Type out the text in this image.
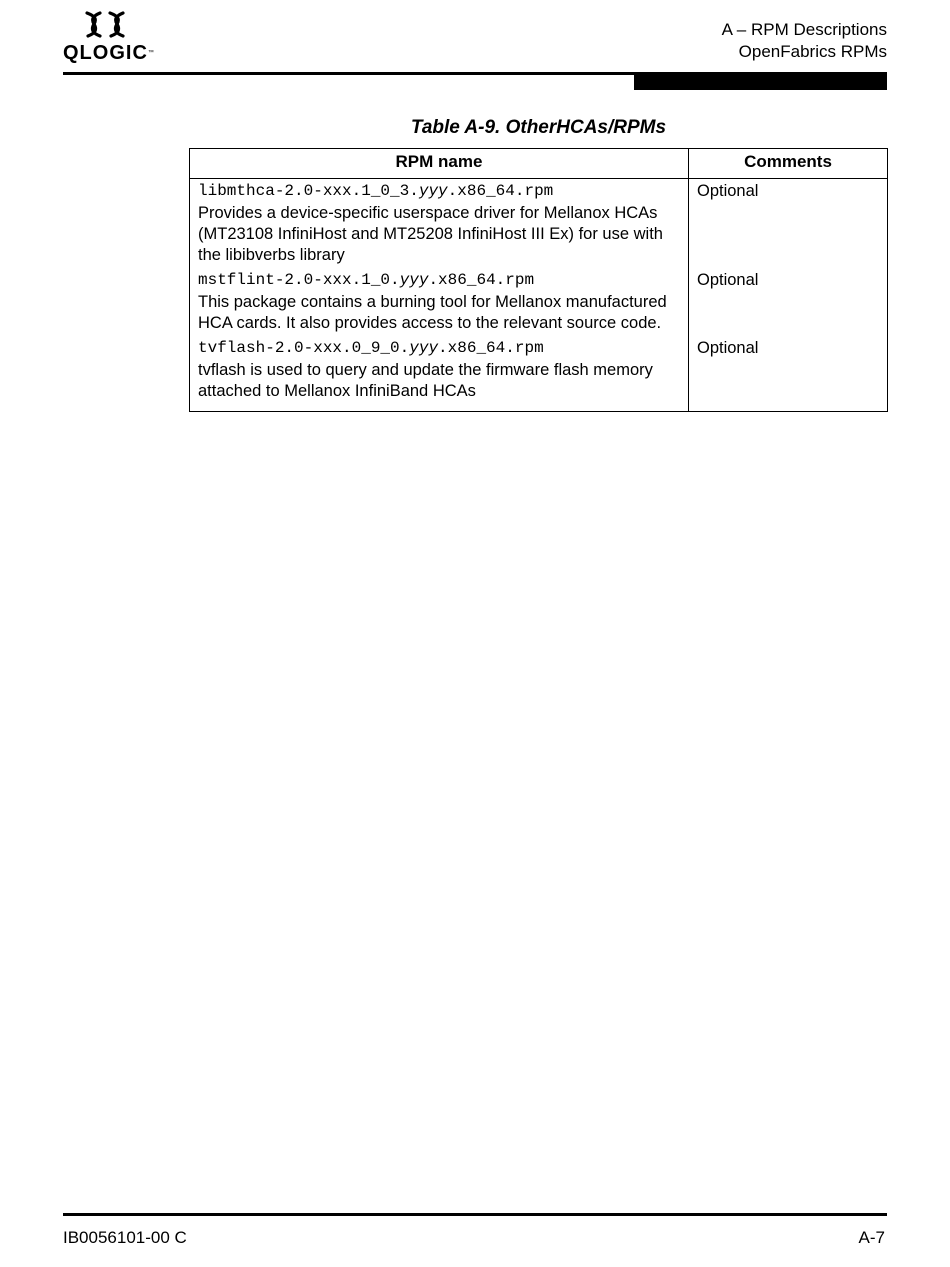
QLOGIC™
A – RPM Descriptions
OpenFabrics RPMs
Table A-9. OtherHCAs/RPMs
RPM name	Comments

libmthca-2.0-xxx.1_0_3.yyy.x86_64.rpm
Provides a device-specific userspace driver for Mellanox HCAs (MT23108 InfiniHost and MT25208 InfiniHost III Ex) for use with the libibverbs library	Optional

mstflint-2.0-xxx.1_0.yyy.x86_64.rpm
This package contains a burning tool for Mellanox manufactured HCA cards. It also provides access to the relevant source code.	Optional

tvflash-2.0-xxx.0_9_0.yyy.x86_64.rpm
tvflash is used to query and update the firmware flash memory attached to Mellanox InfiniBand HCAs	Optional
IB0056101-00 C	A-7
